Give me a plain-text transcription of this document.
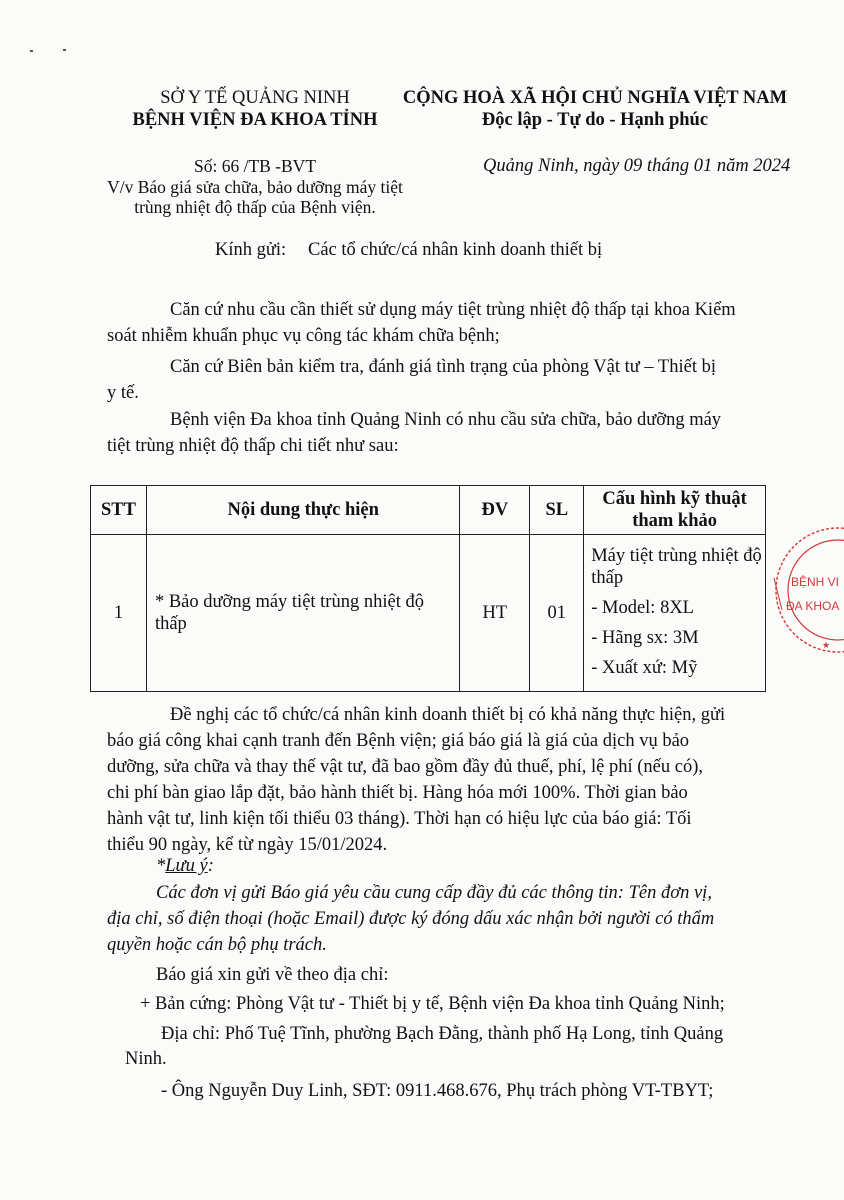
SỞ Y TẾ QUẢNG NINH
BỆNH VIỆN ĐA KHOA TỈNH
Số: 66 /TB -BVT
V/v Báo giá sửa chữa, bảo dưỡng máy tiệt
trùng nhiệt độ thấp của Bệnh viện.
CỘNG HOÀ XÃ HỘI CHỦ NGHĨA VIỆT NAM
Độc lập - Tự do - Hạnh phúc
Quảng Ninh, ngày 09 tháng 01 năm 2024
Kính gửi: Các tổ chức/cá nhân kinh doanh thiết bị
Căn cứ nhu cầu cần thiết sử dụng máy tiệt trùng nhiệt độ thấp tại khoa Kiểm
soát nhiễm khuẩn phục vụ công tác khám chữa bệnh;
Căn cứ Biên bản kiểm tra, đánh giá tình trạng của phòng Vật tư – Thiết bị
y tế.
Bệnh viện Đa khoa tỉnh Quảng Ninh có nhu cầu sửa chữa, bảo dưỡng máy
tiệt trùng nhiệt độ thấp chi tiết như sau:
STT	Nội dung thực hiện	ĐV	SL	Cấu hình kỹ thuật
tham khảo

1	* Bảo dưỡng máy tiệt trùng nhiệt độ
thấp	HT	01	Máy tiệt trùng nhiệt độ
thấp
- Model: 8XL
- Hãng sx: 3M
- Xuất xứ: Mỹ
BỆNH VI
ĐA KHOA
★
Đề nghị các tổ chức/cá nhân kinh doanh thiết bị có khả năng thực hiện, gửi
báo giá công khai cạnh tranh đến Bệnh viện; giá báo giá là giá của dịch vụ bảo
dưỡng, sửa chữa và thay thế vật tư, đã bao gồm đầy đủ thuế, phí, lệ phí (nếu có),
chi phí bàn giao lắp đặt, bảo hành thiết bị. Hàng hóa mới 100%. Thời gian bảo
hành vật tư, linh kiện tối thiểu 03 tháng). Thời hạn có hiệu lực của báo giá: Tối
thiểu 90 ngày, kể từ ngày 15/01/2024.
*Lưu ý:
Các đơn vị gửi Báo giá yêu cầu cung cấp đầy đủ các thông tin: Tên đơn vị,
địa chỉ, số điện thoại (hoặc Email) được ký đóng dấu xác nhận bởi người có thẩm
quyền hoặc cán bộ phụ trách.
Báo giá xin gửi về theo địa chỉ:
+ Bản cứng: Phòng Vật tư - Thiết bị y tế, Bệnh viện Đa khoa tỉnh Quảng Ninh;
Địa chỉ: Phố Tuệ Tĩnh, phường Bạch Đằng, thành phố Hạ Long, tỉnh Quảng
Ninh.
- Ông Nguyễn Duy Linh, SĐT: 0911.468.676, Phụ trách phòng VT-TBYT;
